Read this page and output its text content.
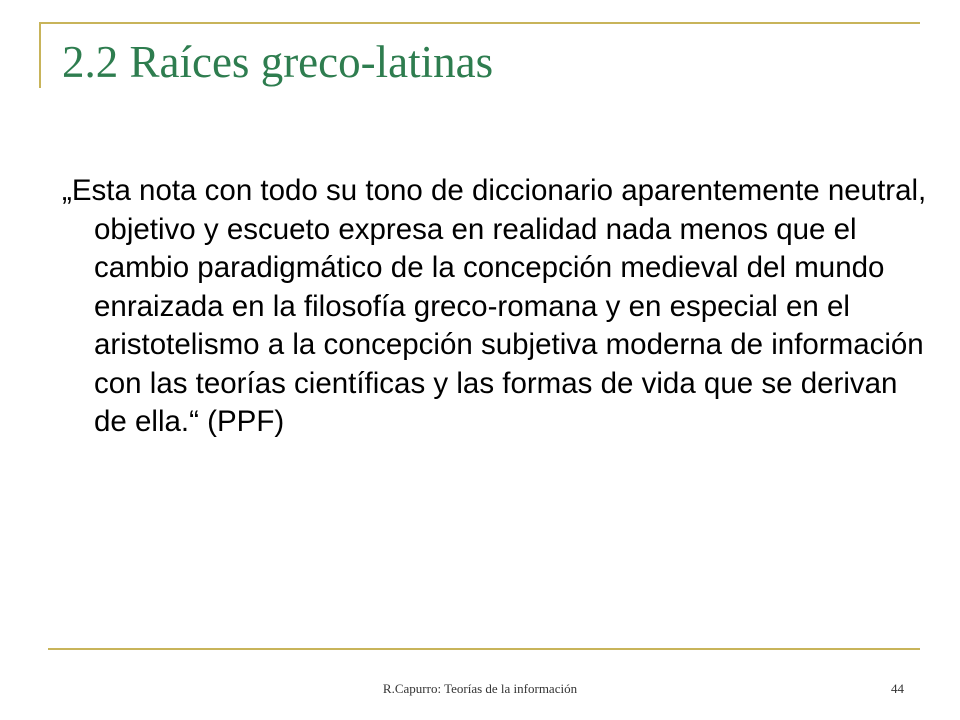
2.2 Raíces greco-latinas

„Esta nota con todo su tono de diccionario aparentemente neutral, objetivo y escueto expresa en realidad nada menos que el cambio paradigmático de la concepción medieval del mundo enraizada en la filosofía greco-romana y en especial en el aristotelismo a la concepción subjetiva moderna de información con las teorías científicas y las formas de vida que se derivan de ella.“ (PPF)

R.Capurro: Teorías de la información	44
